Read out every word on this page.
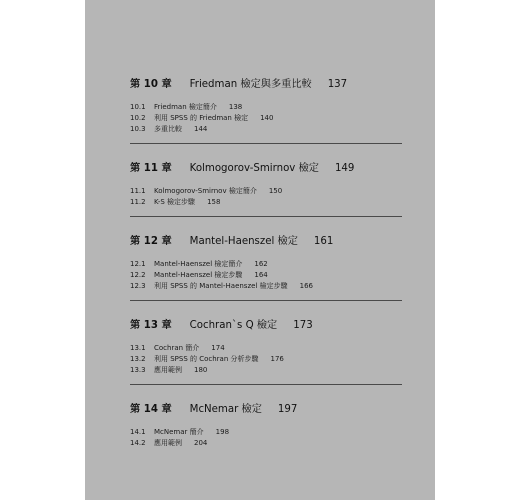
第 10 章 Friedman 檢定與多重比較 137
10.1	Friedman 檢定簡介 138
10.2	利用 SPSS 的 Friedman 檢定 140
10.3	多重比較 144
第 11 章 Kolmogorov-Smirnov 檢定 149
11.1	Kolmogorov-Smirnov 檢定簡介 150
11.2	K-S 檢定步驟 158
第 12 章 Mantel-Haenszel 檢定 161
12.1	Mantel-Haenszel 檢定簡介 162
12.2	Mantel-Haenszel 檢定步驟 164
12.3	利用 SPSS 的 Mantel-Haenszel 檢定步驟 166
第 13 章 Cochran`s Q 檢定 173
13.1	Cochran 簡介 174
13.2	利用 SPSS 的 Cochran 分析步驟 176
13.3	應用範例 180
第 14 章 McNemar 檢定 197
14.1	McNemar 簡介 198
14.2	應用範例 204
